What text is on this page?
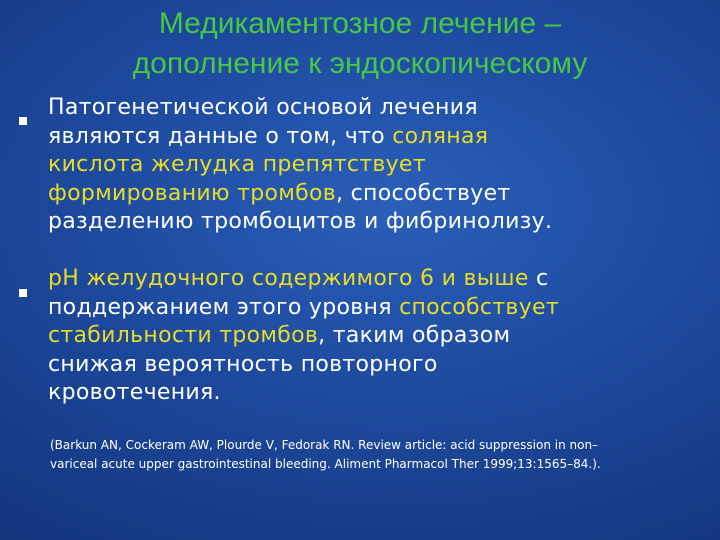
Медикаментозное лечение –
дополнение к эндоскопическому
Патогенетической основой лечения
являются данные о том, что соляная
кислота желудка препятствует
формированию тромбов, способствует
разделению тромбоцитов и фибринолизу.
рН желудочного содержимого 6 и выше с
поддержанием этого уровня способствует
стабильности тромбов, таким образом
снижая вероятность повторного
кровотечения.
(Barkun AN, Cockeram AW, Plourde V, Fedorak RN. Review article: acid suppression in non–
variceal acute upper gastrointestinal bleeding. Aliment Pharmacol Ther 1999;13:1565–84.).
